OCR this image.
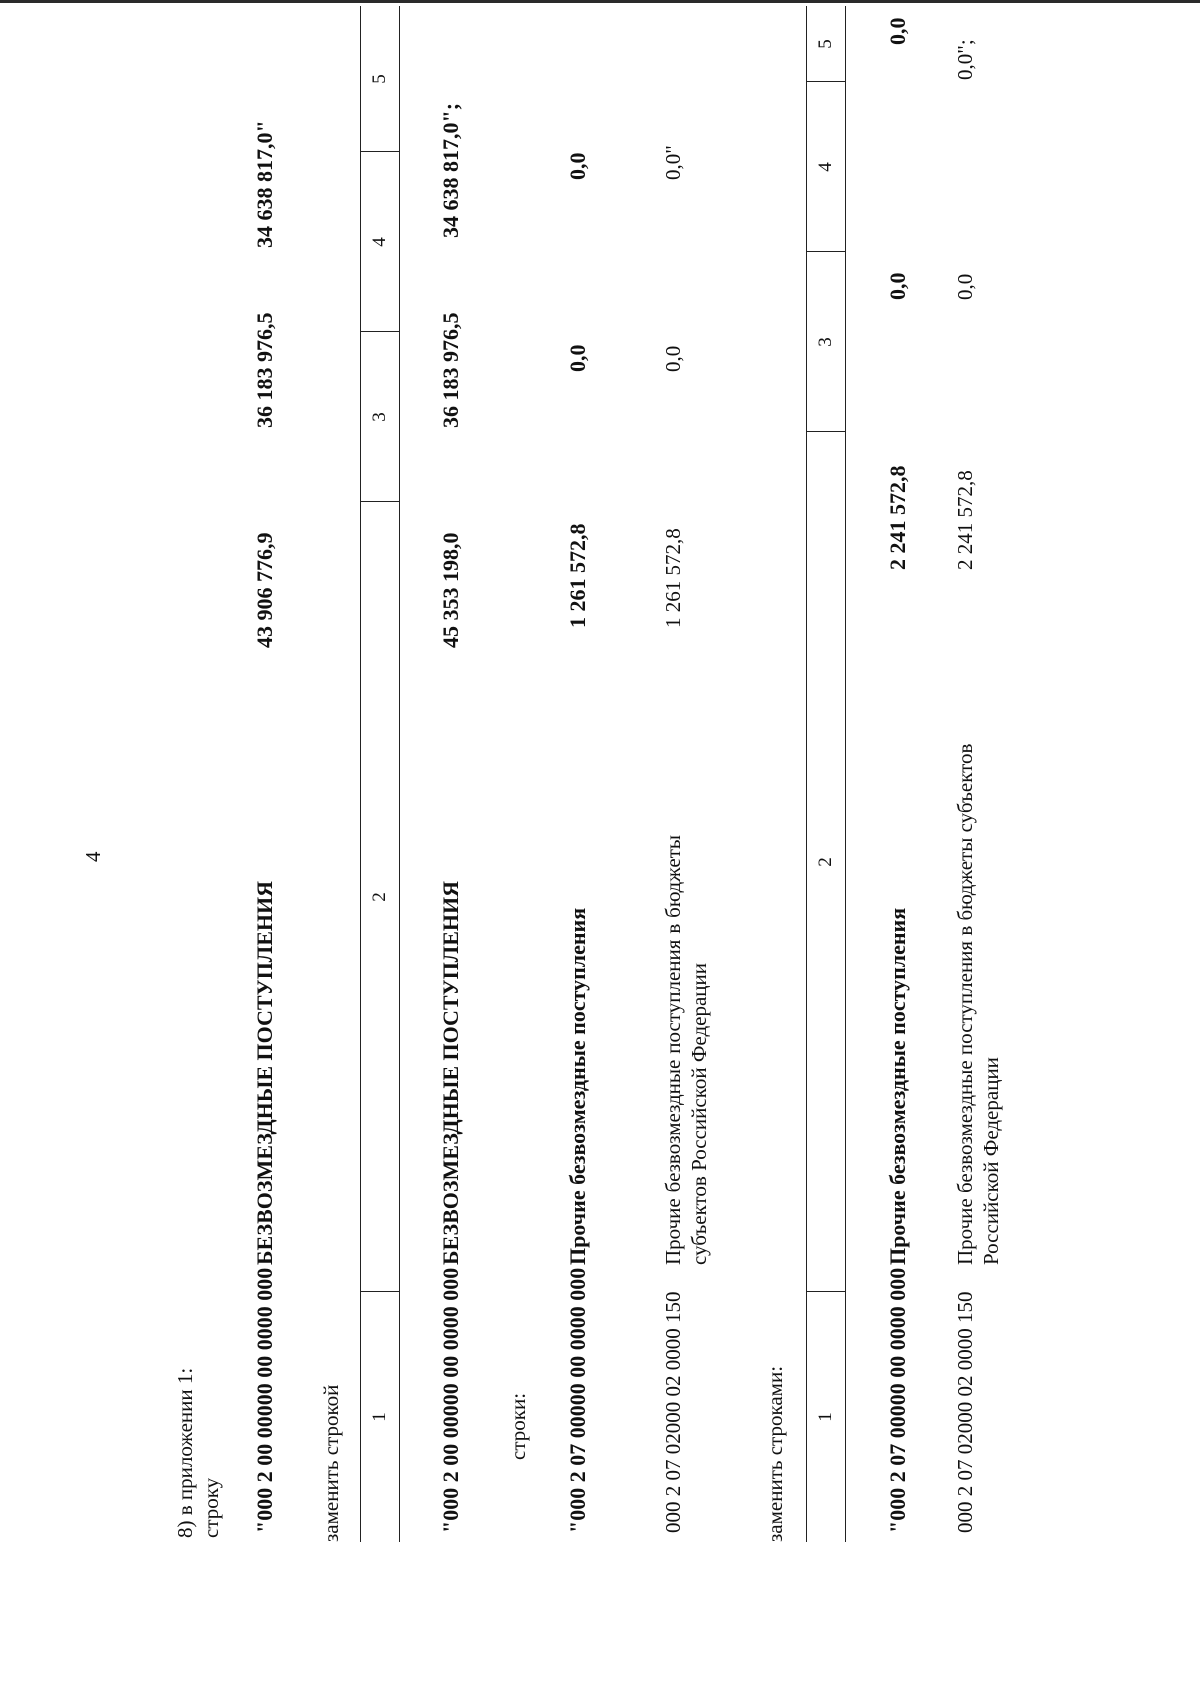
4
8) в приложении 1: строку "000 2 00 00000 00 0000 000
БЕЗВОЗМЕЗДНЫЕ ПОСТУПЛЕНИЯ
43 906 776,9
36 183 976,5
34 638 817,0"
заменить строкой	1
2
3
4
5
"000 2 00 00000 00 0000 000
БЕЗВОЗМЕЗДНЫЕ ПОСТУПЛЕНИЯ
45 353 198,0
36 183 976,5
34 638 817,0";
строки: "000 2 07 00000 00 0000 000
Прочие безвозмездные поступления
1 261 572,8
0,0
0,0
000 2 07 02000 02 0000 150
Прочие безвозмездные поступления в бюджеты субъектов Российской Федерации
1 261 572,8
0,0
0,0"
заменить строками:	1
2
3
4
5
"000 2 07 00000 00 0000 000
Прочие безвозмездные поступления
2 241 572,8
0,0
0,0
000 2 07 02000 02 0000 150
Прочие безвозмездные поступления в бюджеты субъектов Российской Федерации
2 241 572,8
0,0
0,0";
